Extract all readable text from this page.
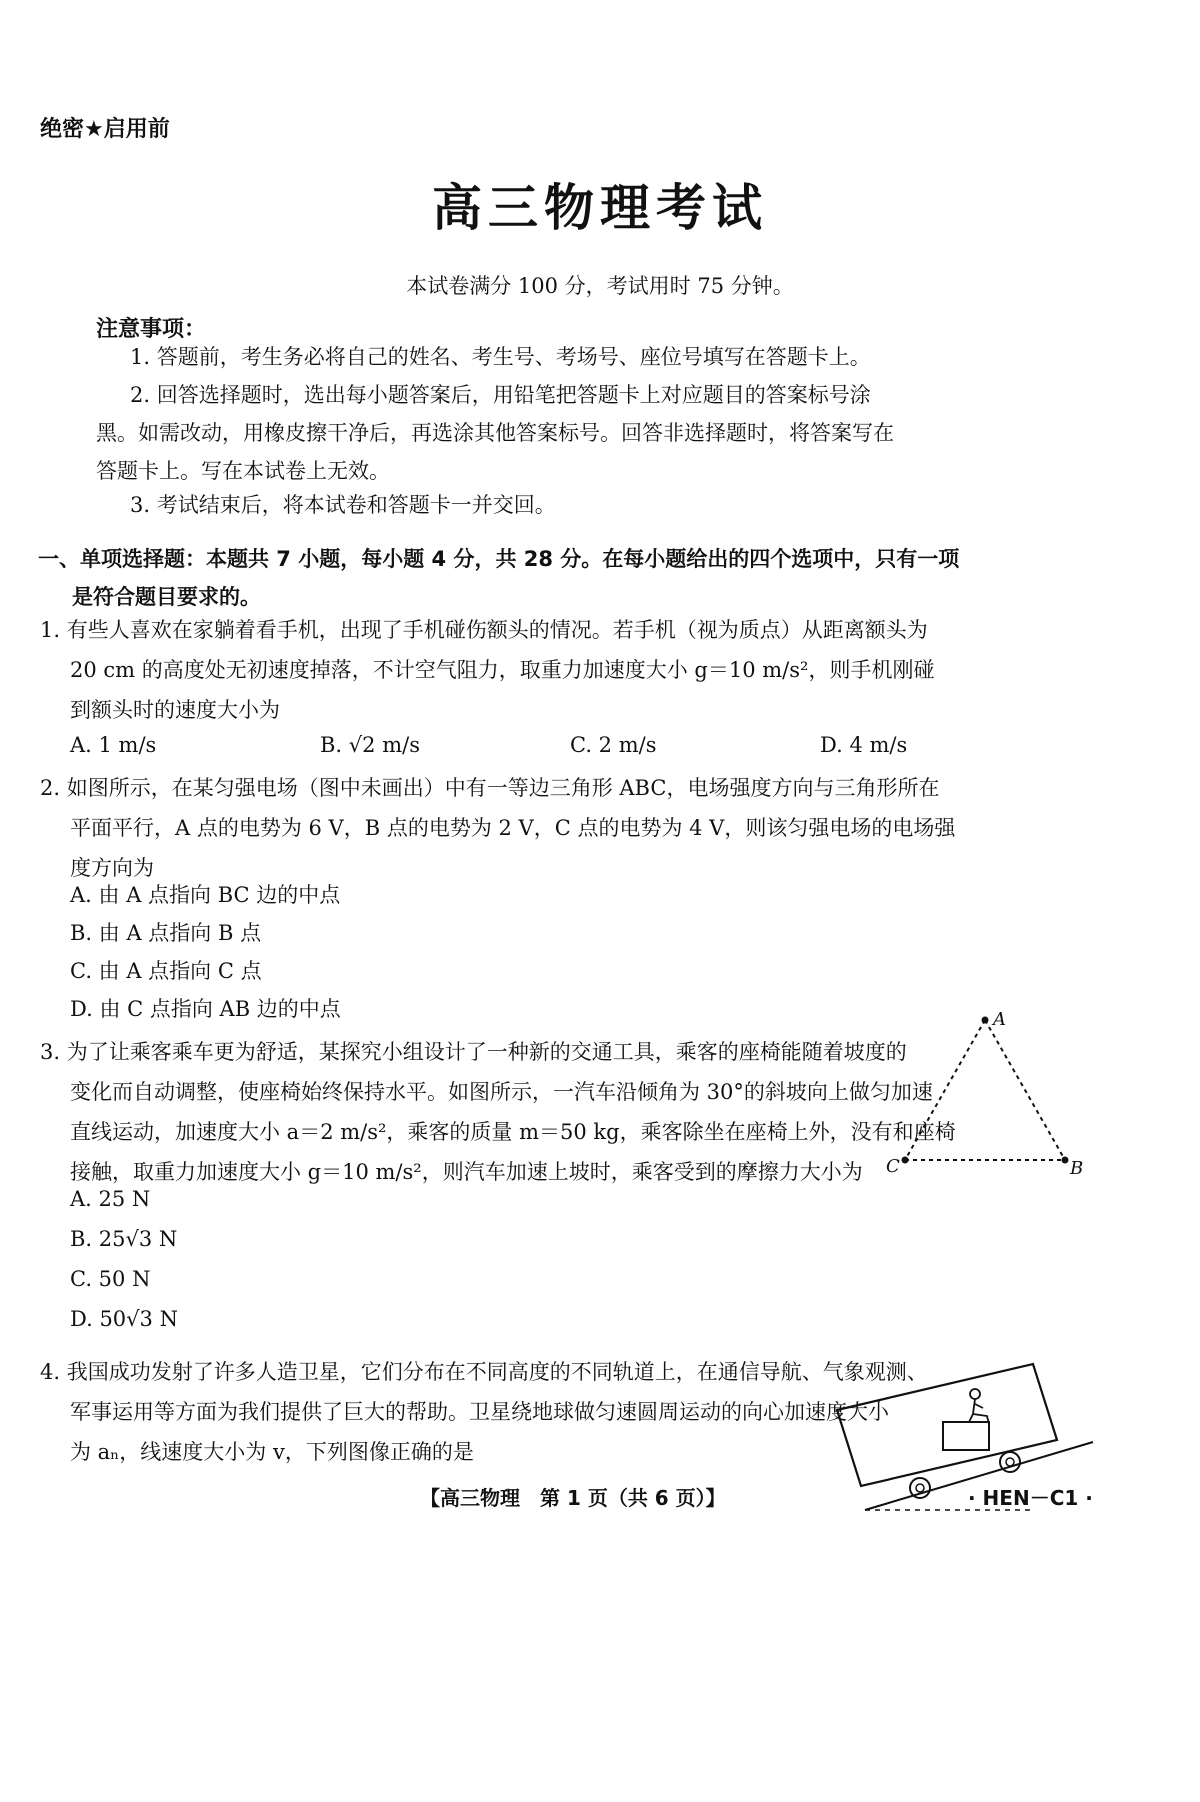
绝密★启用前
高三物理考试
本试卷满分 100 分，考试用时 75 分钟。
注意事项：
1. 答题前，考生务必将自己的姓名、考生号、考场号、座位号填写在答题卡上。
2. 回答选择题时，选出每小题答案后，用铅笔把答题卡上对应题目的答案标号涂
黑。如需改动，用橡皮擦干净后，再选涂其他答案标号。回答非选择题时，将答案写在
答题卡上。写在本试卷上无效。
3. 考试结束后，将本试卷和答题卡一并交回。
一、单项选择题：本题共 7 小题，每小题 4 分，共 28 分。在每小题给出的四个选项中，只有一项
是符合题目要求的。
1. 有些人喜欢在家躺着看手机，出现了手机碰伤额头的情况。若手机（视为质点）从距离额头为
20 cm 的高度处无初速度掉落，不计空气阻力，取重力加速度大小 g＝10 m/s²，则手机刚碰
到额头时的速度大小为
A. 1 m/s	B. √2 m/s	C. 2 m/s	D. 4 m/s
2. 如图所示，在某匀强电场（图中未画出）中有一等边三角形 ABC，电场强度方向与三角形所在
平面平行，A 点的电势为 6 V，B 点的电势为 2 V，C 点的电势为 4 V，则该匀强电场的电场强
度方向为
A. 由 A 点指向 BC 边的中点
B. 由 A 点指向 B 点
C. 由 A 点指向 C 点
D. 由 C 点指向 AB 边的中点	A
C	B
3. 为了让乘客乘车更为舒适，某探究小组设计了一种新的交通工具，乘客的座椅能随着坡度的
变化而自动调整，使座椅始终保持水平。如图所示，一汽车沿倾角为 30°的斜坡向上做匀加速
直线运动，加速度大小 a＝2 m/s²，乘客的质量 m＝50 kg，乘客除坐在座椅上外，没有和座椅
接触，取重力加速度大小 g＝10 m/s²，则汽车加速上坡时，乘客受到的摩擦力大小为
A. 25 N
B. 25√3 N
C. 50 N
D. 50√3 N
4. 我国成功发射了许多人造卫星，它们分布在不同高度的不同轨道上，在通信导航、气象观测、
军事运用等方面为我们提供了巨大的帮助。卫星绕地球做匀速圆周运动的向心加速度大小
为 aₙ，线速度大小为 v，下列图像正确的是
【高三物理　第 1 页（共 6 页）】	· HEN－C1 ·
